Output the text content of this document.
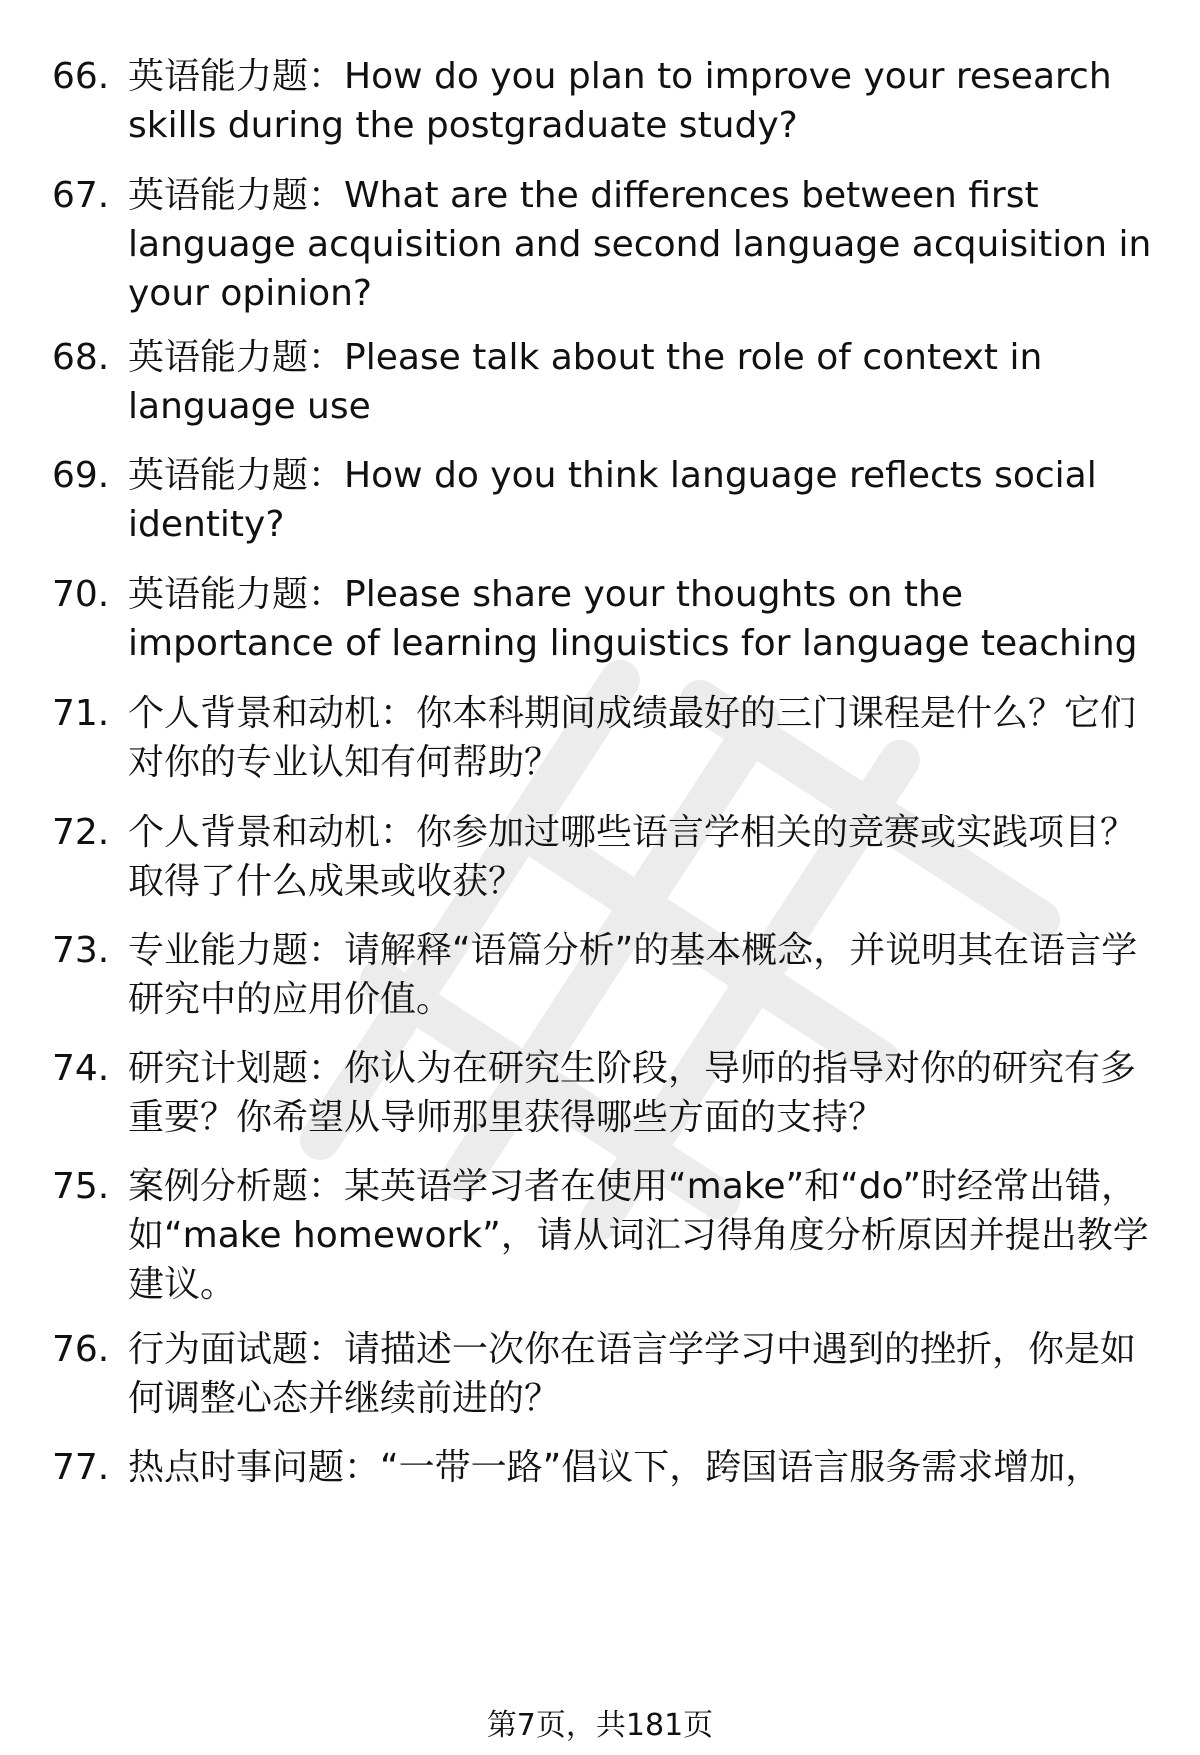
66. 英语能力题：How do you plan to improve your research skills during the postgraduate study?
67. 英语能力题：What are the differences between first language acquisition and second language acquisition in your opinion?
68. 英语能力题：Please talk about the role of context in language use
69. 英语能力题：How do you think language reflects social identity?
70. 英语能力题：Please share your thoughts on the importance of learning linguistics for language teaching
71. 个人背景和动机：你本科期间成绩最好的三门课程是什么？它们对你的专业认知有何帮助？
72. 个人背景和动机：你参加过哪些语言学相关的竞赛或实践项目？取得了什么成果或收获？
73. 专业能力题：请解释“语篇分析”的基本概念，并说明其在语言学研究中的应用价值。
74. 研究计划题：你认为在研究生阶段，导师的指导对你的研究有多重要？你希望从导师那里获得哪些方面的支持？
75. 案例分析题：某英语学习者在使用“make”和“do”时经常出错，如“make homework”，请从词汇习得角度分析原因并提出教学建议。
76. 行为面试题：请描述一次你在语言学学习中遇到的挫折，你是如何调整心态并继续前进的？
77. 热点时事问题：“一带一路”倡议下，跨国语言服务需求增加，
第7页，共181页
